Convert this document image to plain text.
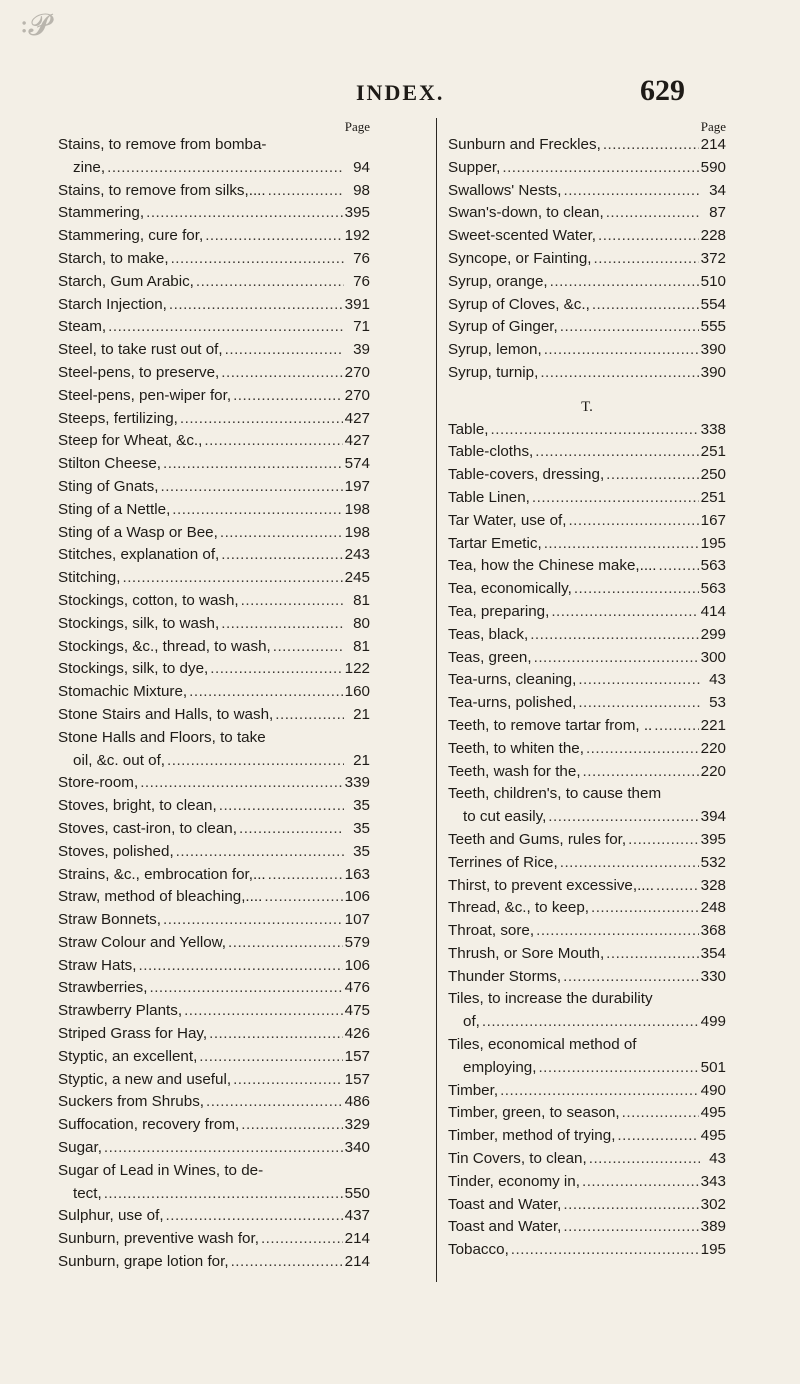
꞉𝓟
INDEX.	629
Page
Stains, to remove from bomba-
zine, .....	94
Stains, to remove from silks,.... .....	98
Stammering, .....	395
Stammering, cure for, .....	192
Starch, to make, .....	76
Starch, Gum Arabic, .....	76
Starch Injection, .....	391
Steam, .....	71
Steel, to take rust out of, .....	39
Steel-pens, to preserve, .....	270
Steel-pens, pen-wiper for, .....	270
Steeps, fertilizing, .....	427
Steep for Wheat, &c., .....	427
Stilton Cheese, .....	574
Sting of Gnats, .....	197
Sting of a Nettle, .....	198
Sting of a Wasp or Bee, .....	198
Stitches, explanation of, .....	243
Stitching, .....	245
Stockings, cotton, to wash, .....	81
Stockings, silk, to wash, .....	80
Stockings, &c., thread, to wash, .....	81
Stockings, silk, to dye, .....	122
Stomachic Mixture, .....	160
Stone Stairs and Halls, to wash, .....	21
Stone Halls and Floors, to take
oil, &c. out of, .....	21
Store-room, .....	339
Stoves, bright, to clean, .....	35
Stoves, cast-iron, to clean, .....	35
Stoves, polished, .....	35
Strains, &c., embrocation for,... .....	163
Straw, method of bleaching,.... .....	106
Straw Bonnets, .....	107
Straw Colour and Yellow, .....	579
Straw Hats, .....	106
Strawberries, .....	476
Strawberry Plants, .....	475
Striped Grass for Hay, .....	426
Styptic, an excellent, .....	157
Styptic, a new and useful, .....	157
Suckers from Shrubs, .....	486
Suffocation, recovery from, .....	329
Sugar, .....	340
Sugar of Lead in Wines, to de-
tect, .....	550
Sulphur, use of, .....	437
Sunburn, preventive wash for, .....	214
Sunburn, grape lotion for, .....	214
Page
Sunburn and Freckles, .....	214
Supper, .....	590
Swallows' Nests, .....	34
Swan's-down, to clean, .....	87
Sweet-scented Water, .....	228
Syncope, or Fainting, .....	372
Syrup, orange, .....	510
Syrup of Cloves, &c., .....	554
Syrup of Ginger, .....	555
Syrup, lemon, .....	390
Syrup, turnip, .....	390
T.
Table, .....	338
Table-cloths, .....	251
Table-covers, dressing, .....	250
Table Linen, .....	251
Tar Water, use of, .....	167
Tartar Emetic, .....	195
Tea, how the Chinese make,.... .....	563
Tea, economically, .....	563
Tea, preparing, .....	414
Teas, black, .....	299
Teas, green, .....	300
Tea-urns, cleaning, .....	43
Tea-urns, polished, .....	53
Teeth, to remove tartar from, .. .....	221
Teeth, to whiten the, .....	220
Teeth, wash for the, .....	220
Teeth, children's, to cause them
to cut easily, .....	394
Teeth and Gums, rules for, .....	395
Terrines of Rice, .....	532
Thirst, to prevent excessive,.... .....	328
Thread, &c., to keep, .....	248
Throat, sore, .....	368
Thrush, or Sore Mouth, .....	354
Thunder Storms, .....	330
Tiles, to increase the durability
of, .....	499
Tiles, economical method of
employing, .....	501
Timber, .....	490
Timber, green, to season, .....	495
Timber, method of trying, .....	495
Tin Covers, to clean, .....	43
Tinder, economy in, .....	343
Toast and Water, .....	302
Toast and Water, .....	389
Tobacco, .....	195
